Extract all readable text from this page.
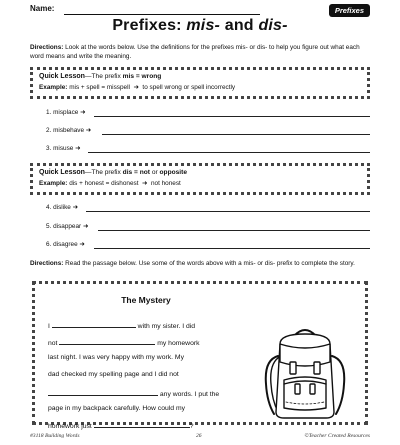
Name:	Prefixes
Prefixes: mis- and dis-
Directions: Look at the words below. Use the definitions for the prefixes mis- or dis- to help you figure out what each word means and write the meaning.
Quick Lesson—The prefix mis = wrong
Example: mis + spell = misspell ➜ to spell wrong or spell incorrectly
1. misplace ➜
2. misbehave ➜
3. misuse ➜
Quick Lesson—The prefix dis = not or opposite
Example: dis + honest = dishonest ➜ not honest
4. dislike ➜
5. disappear ➜
6. disagree ➜
Directions: Read the passage below. Use some of the words above with a mis- or dis- prefix to complete the story.
The Mystery
I	with my sister. I did
not	my homework
last night. I was very happy with my work. My
dad checked my spelling page and I did not
any words. I put the
page in my backpack carefully. How could my
homework just	?
#3118 Building Words	26	©Teacher Created Resources
